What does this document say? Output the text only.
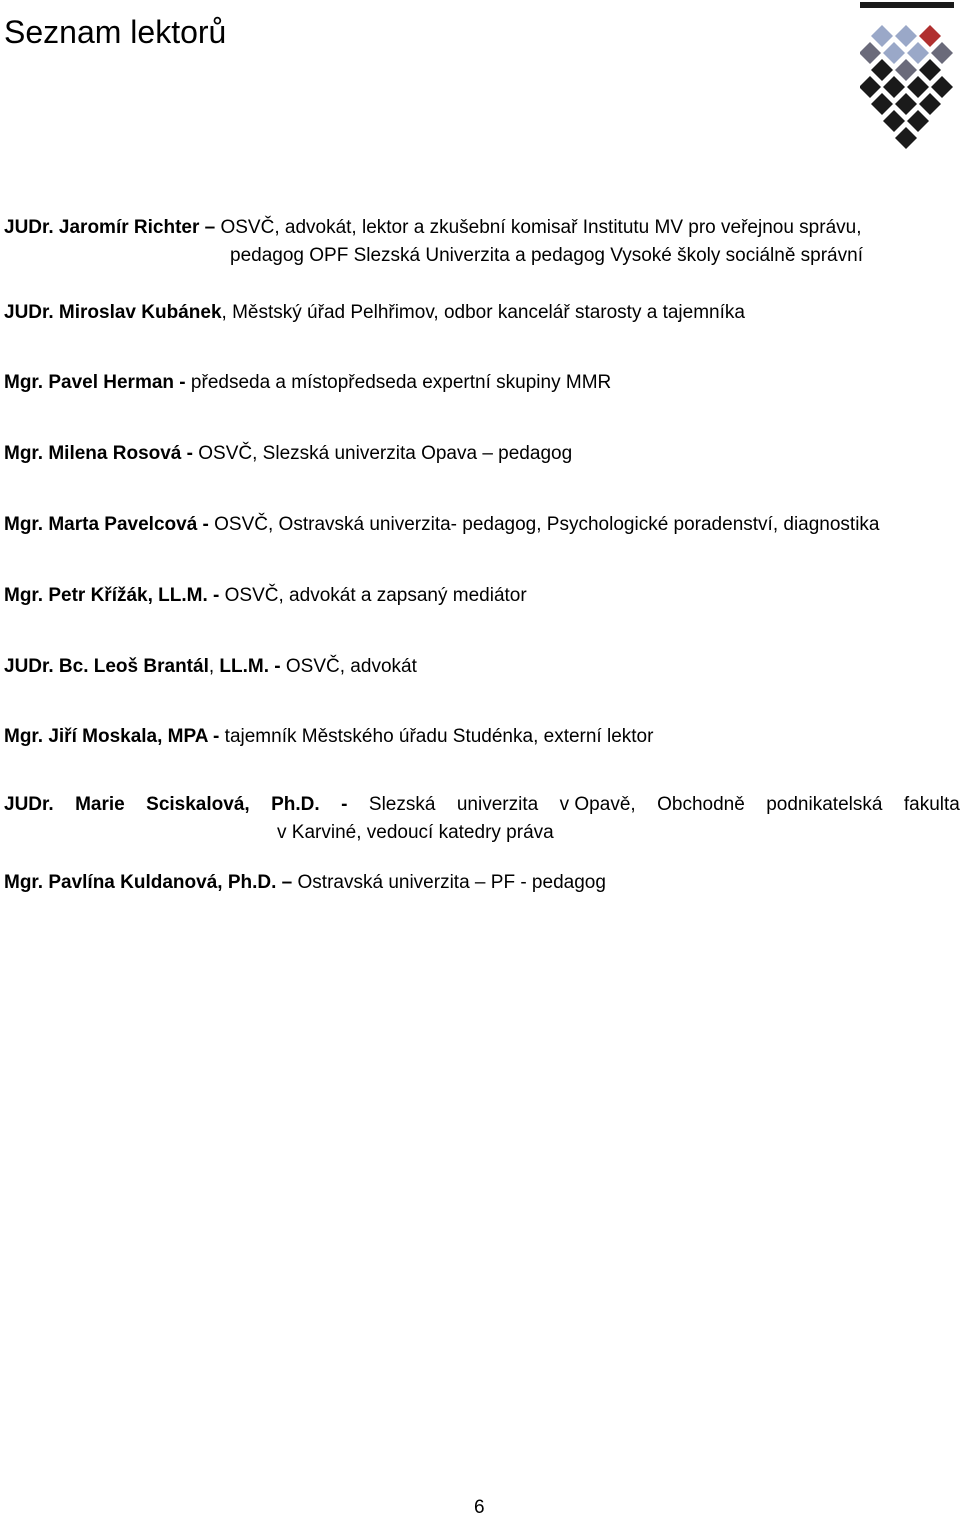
Seznam lektorů
JUDr. Jaromír Richter – OSVČ, advokát, lektor a zkušební komisař Institutu MV pro veřejnou správu,
pedagog OPF Slezská Univerzita a pedagog Vysoké školy sociálně správní
JUDr. Miroslav Kubánek, Městský úřad Pelhřimov, odbor kancelář starosty a tajemníka
Mgr. Pavel Herman - předseda a místopředseda expertní skupiny MMR
Mgr. Milena Rosová - OSVČ, Slezská univerzita Opava – pedagog
Mgr. Marta Pavelcová - OSVČ, Ostravská univerzita- pedagog, Psychologické poradenství, diagnostika
Mgr. Petr Křížák, LL.M. - OSVČ, advokát a zapsaný mediátor
JUDr. Bc. Leoš Brantál, LL.M. - OSVČ, advokát
Mgr. Jiří Moskala, MPA - tajemník Městského úřadu Studénka, externí lektor
JUDr. Marie Sciskalová, Ph.D. - Slezská univerzita v Opavě, Obchodně podnikatelská fakulta
v Karviné, vedoucí katedry práva
Mgr. Pavlína Kuldanová, Ph.D. – Ostravská univerzita – PF - pedagog
6
